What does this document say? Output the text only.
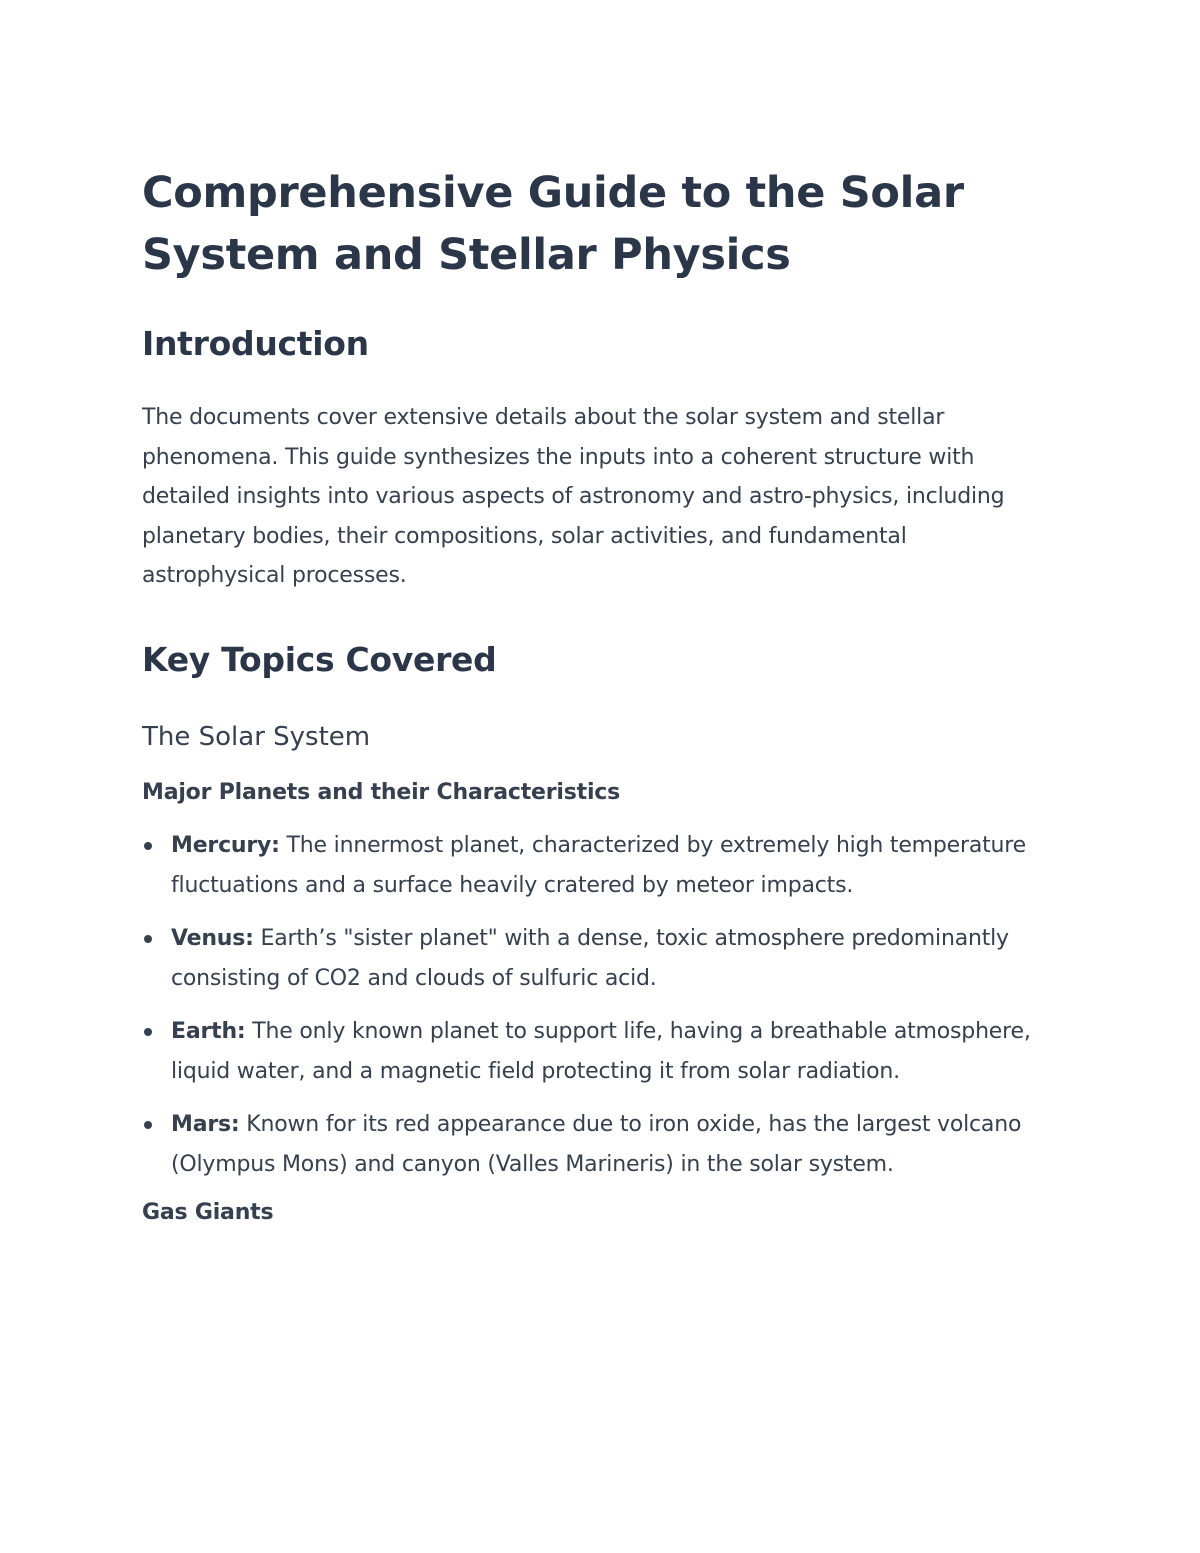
Comprehensive Guide to the Solar System and Stellar Physics
Introduction

The documents cover extensive details about the solar system and stellar phenomena. This guide synthesizes the inputs into a coherent structure with detailed insights into various aspects of astronomy and astro-physics, including planetary bodies, their compositions, solar activities, and fundamental astrophysical processes.

Key Topics Covered
The Solar System
Major Planets and their Characteristics
Mercury: The innermost planet, characterized by extremely high temperature fluctuations and a surface heavily cratered by meteor impacts.
Venus: Earth’s "sister planet" with a dense, toxic atmosphere predominantly consisting of CO2 and clouds of sulfuric acid.
Earth: The only known planet to support life, having a breathable atmosphere, liquid water, and a magnetic field protecting it from solar radiation.
Mars: Known for its red appearance due to iron oxide, has the largest volcano (Olympus Mons) and canyon (Valles Marineris) in the solar system.
Gas Giants
